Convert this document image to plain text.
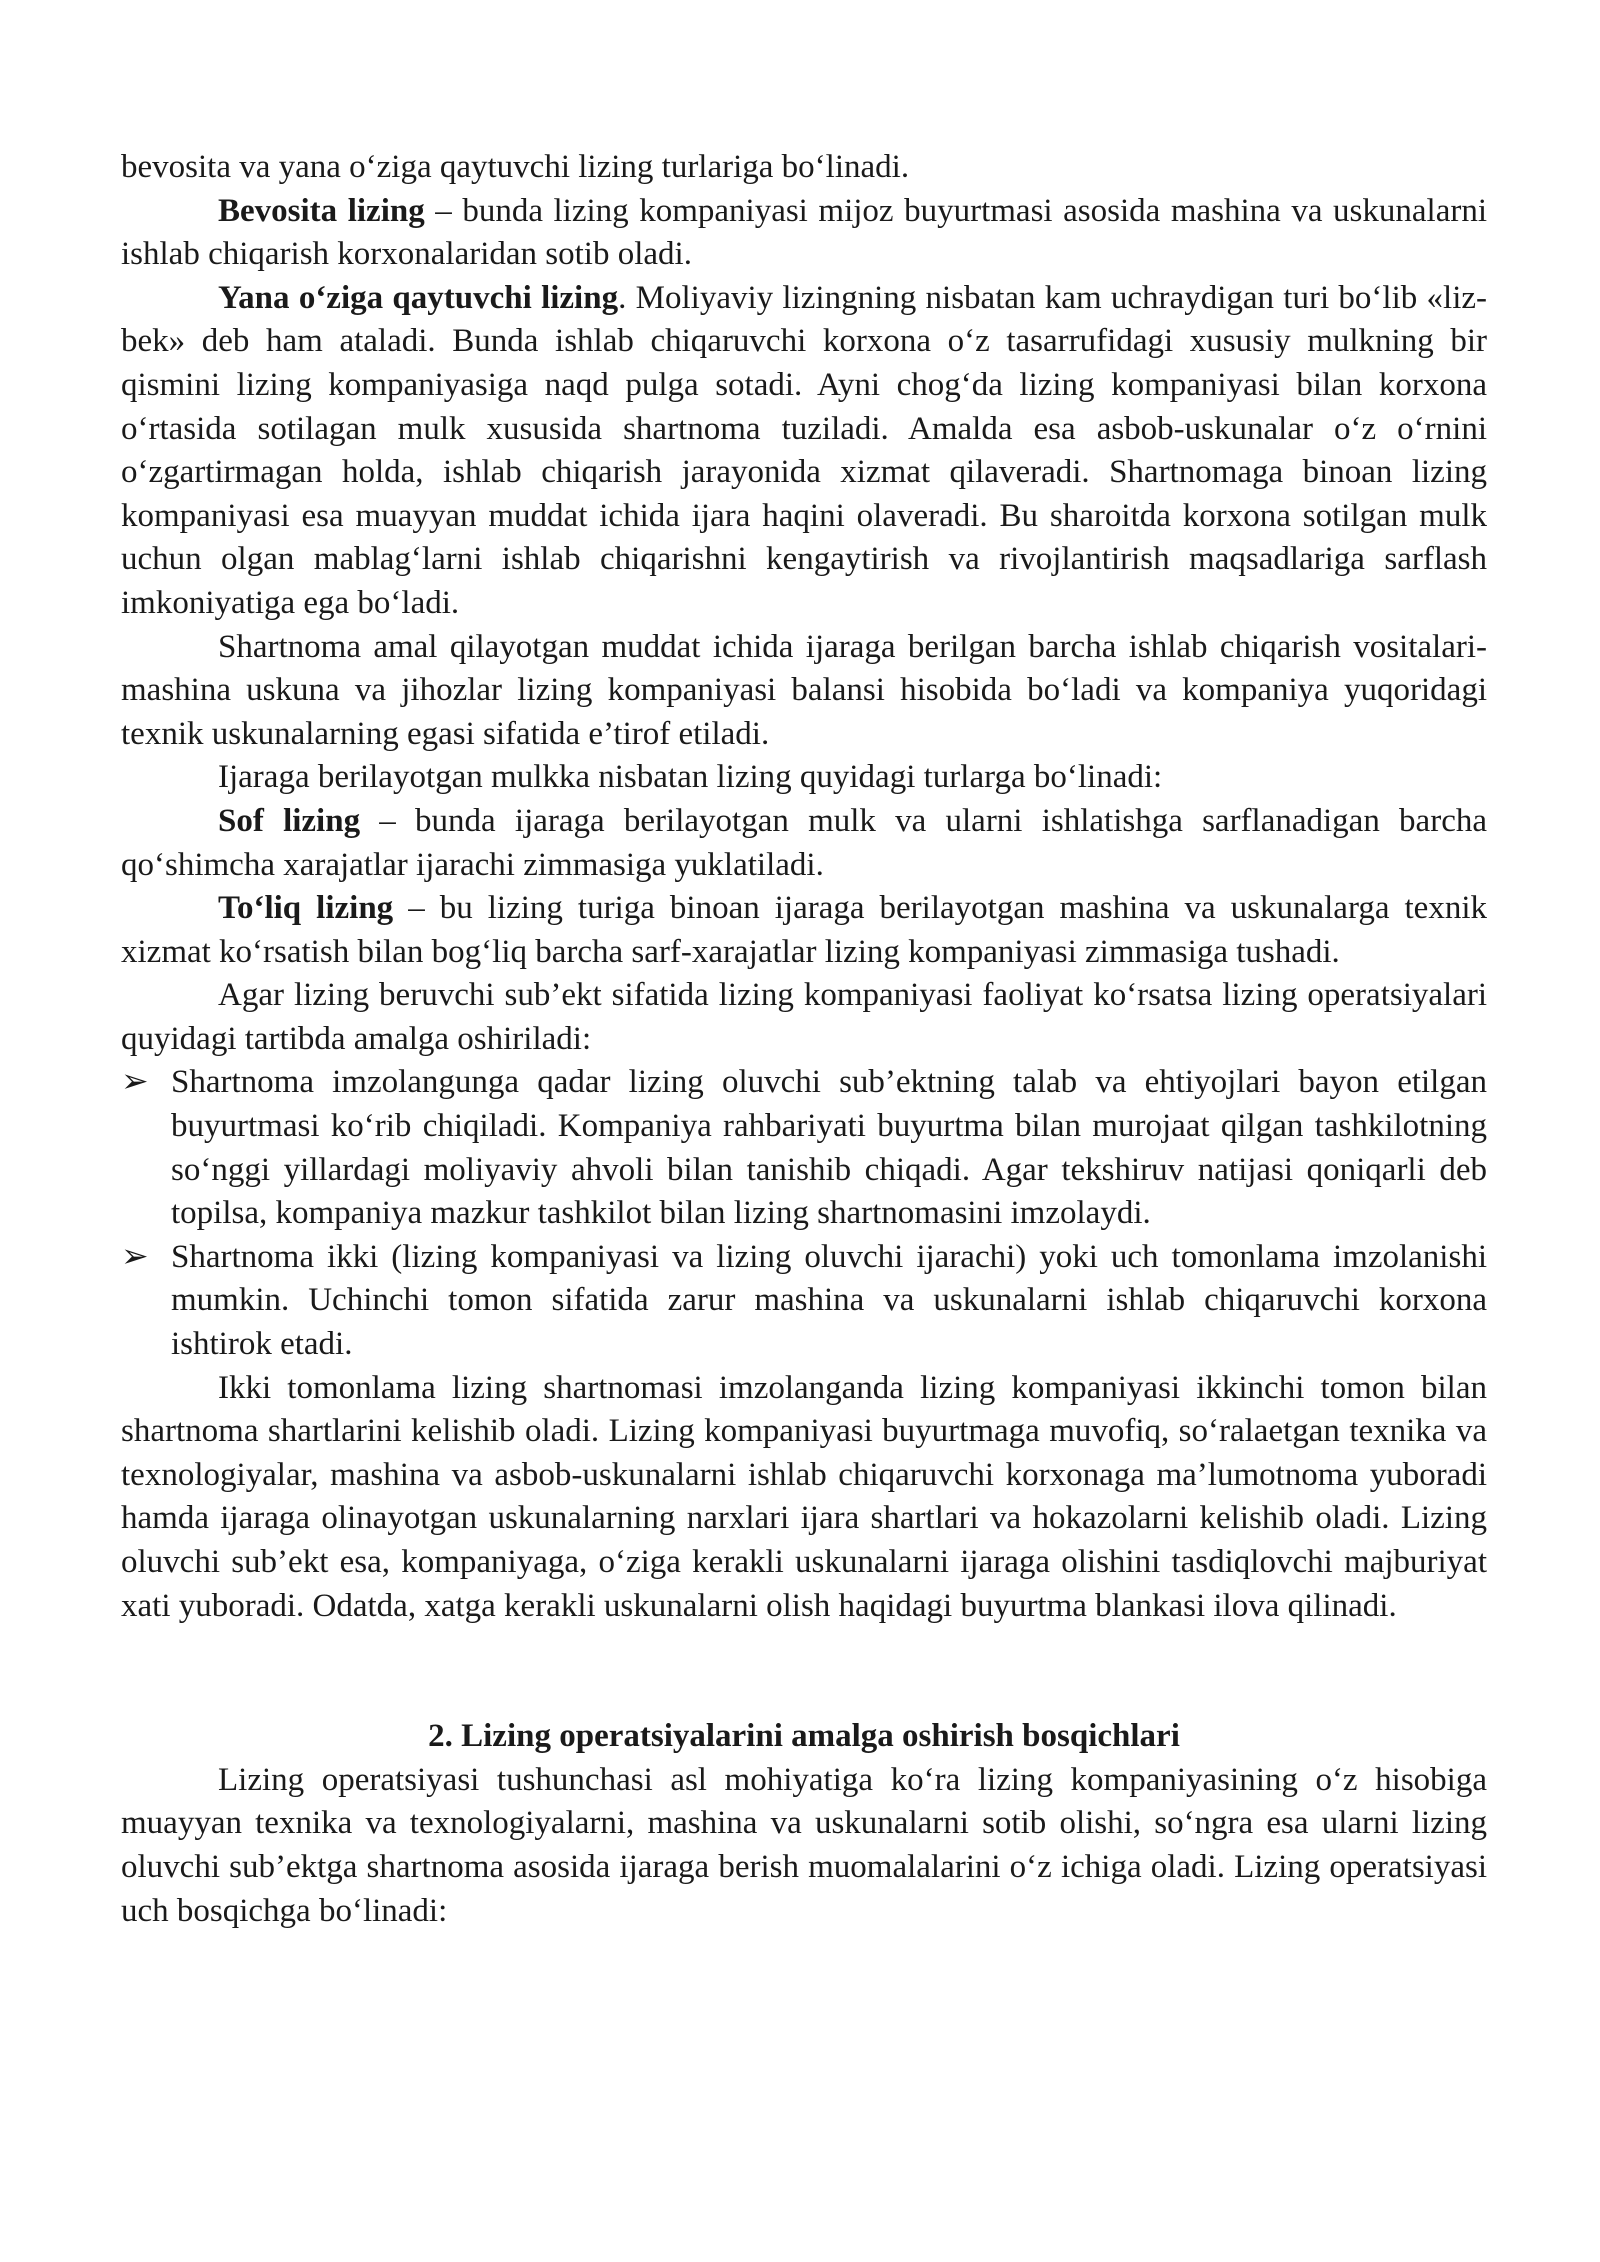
bevosita va yana o‘ziga qaytuvchi lizing turlariga bo‘linadi.

Bevosita lizing – bunda lizing kompaniyasi mijoz buyurtmasi asosida mashina va uskunalarni ishlab chiqarish korxonalaridan sotib oladi.

Yana o‘ziga qaytuvchi lizing. Moliyaviy lizingning nisbatan kam uchraydigan turi bo‘lib «liz-bek» deb ham ataladi. Bunda ishlab chiqaruvchi korxona o‘z tasarrufidagi xususiy mulkning bir qismini lizing kompaniyasiga naqd pulga sotadi. Ayni chog‘da lizing kompaniyasi bilan korxona o‘rtasida sotilagan mulk xususida shartnoma tuziladi. Amalda esa asbob-uskunalar o‘z o‘rnini o‘zgartirmagan holda, ishlab chiqarish jarayonida xizmat qilaveradi. Shartnomaga binoan lizing kompaniyasi esa muayyan muddat ichida ijara haqini olaveradi. Bu sharoitda korxona sotilgan mulk uchun olgan mablag‘larni ishlab chiqarishni kengaytirish va rivojlantirish maqsadlariga sarflash imkoniyatiga ega bo‘ladi.

Shartnoma amal qilayotgan muddat ichida ijaraga berilgan barcha ishlab chiqarish vositalari-mashina uskuna va jihozlar lizing kompaniyasi balansi hisobida bo‘ladi va kompaniya yuqoridagi texnik uskunalarning egasi sifatida e’tirof etiladi.

Ijaraga berilayotgan mulkka nisbatan lizing quyidagi turlarga bo‘linadi:

Sof lizing – bunda ijaraga berilayotgan mulk va ularni ishlatishga sarflanadigan barcha qo‘shimcha xarajatlar ijarachi zimmasiga yuklatiladi.

To‘liq lizing – bu lizing turiga binoan ijaraga berilayotgan mashina va uskunalarga texnik xizmat ko‘rsatish bilan bog‘liq barcha sarf-xarajatlar lizing kompaniyasi zimmasiga tushadi.

Agar lizing beruvchi sub’ekt sifatida lizing kompaniyasi faoliyat ko‘rsatsa lizing operatsiyalari quyidagi tartibda amalga oshiriladi:

➢ Shartnoma imzolangunga qadar lizing oluvchi sub’ektning talab va ehtiyojlari bayon etilgan buyurtmasi ko‘rib chiqiladi. Kompaniya rahbariyati buyurtma bilan murojaat qilgan tashkilotning so‘nggi yillardagi moliyaviy ahvoli bilan tanishib chiqadi. Agar tekshiruv natijasi qoniqarli deb topilsa, kompaniya mazkur tashkilot bilan lizing shartnomasini imzolaydi.
➢ Shartnoma ikki (lizing kompaniyasi va lizing oluvchi ijarachi) yoki uch tomonlama imzolanishi mumkin. Uchinchi tomon sifatida zarur mashina va uskunalarni ishlab chiqaruvchi korxona ishtirok etadi.

Ikki tomonlama lizing shartnomasi imzolanganda lizing kompaniyasi ikkinchi tomon bilan shartnoma shartlarini kelishib oladi. Lizing kompaniyasi buyurtmaga muvofiq, so‘ralaetgan texnika va texnologiyalar, mashina va asbob-uskunalarni ishlab chiqaruvchi korxonaga ma’lumotnoma yuboradi hamda ijaraga olinayotgan uskunalarning narxlari ijara shartlari va hokazolarni kelishib oladi. Lizing oluvchi sub’ekt esa, kompaniyaga, o‘ziga kerakli uskunalarni ijaraga olishini tasdiqlovchi majburiyat xati yuboradi. Odatda, xatga kerakli uskunalarni olish haqidagi buyurtma blankasi ilova qilinadi.

2. Lizing operatsiyalarini amalga oshirish bosqichlari

Lizing operatsiyasi tushunchasi asl mohiyatiga ko‘ra lizing kompaniyasining o‘z hisobiga muayyan texnika va texnologiyalarni, mashina va uskunalarni sotib olishi, so‘ngra esa ularni lizing oluvchi sub’ektga shartnoma asosida ijaraga berish muomalalarini o‘z ichiga oladi. Lizing operatsiyasi uch bosqichga bo‘linadi:
